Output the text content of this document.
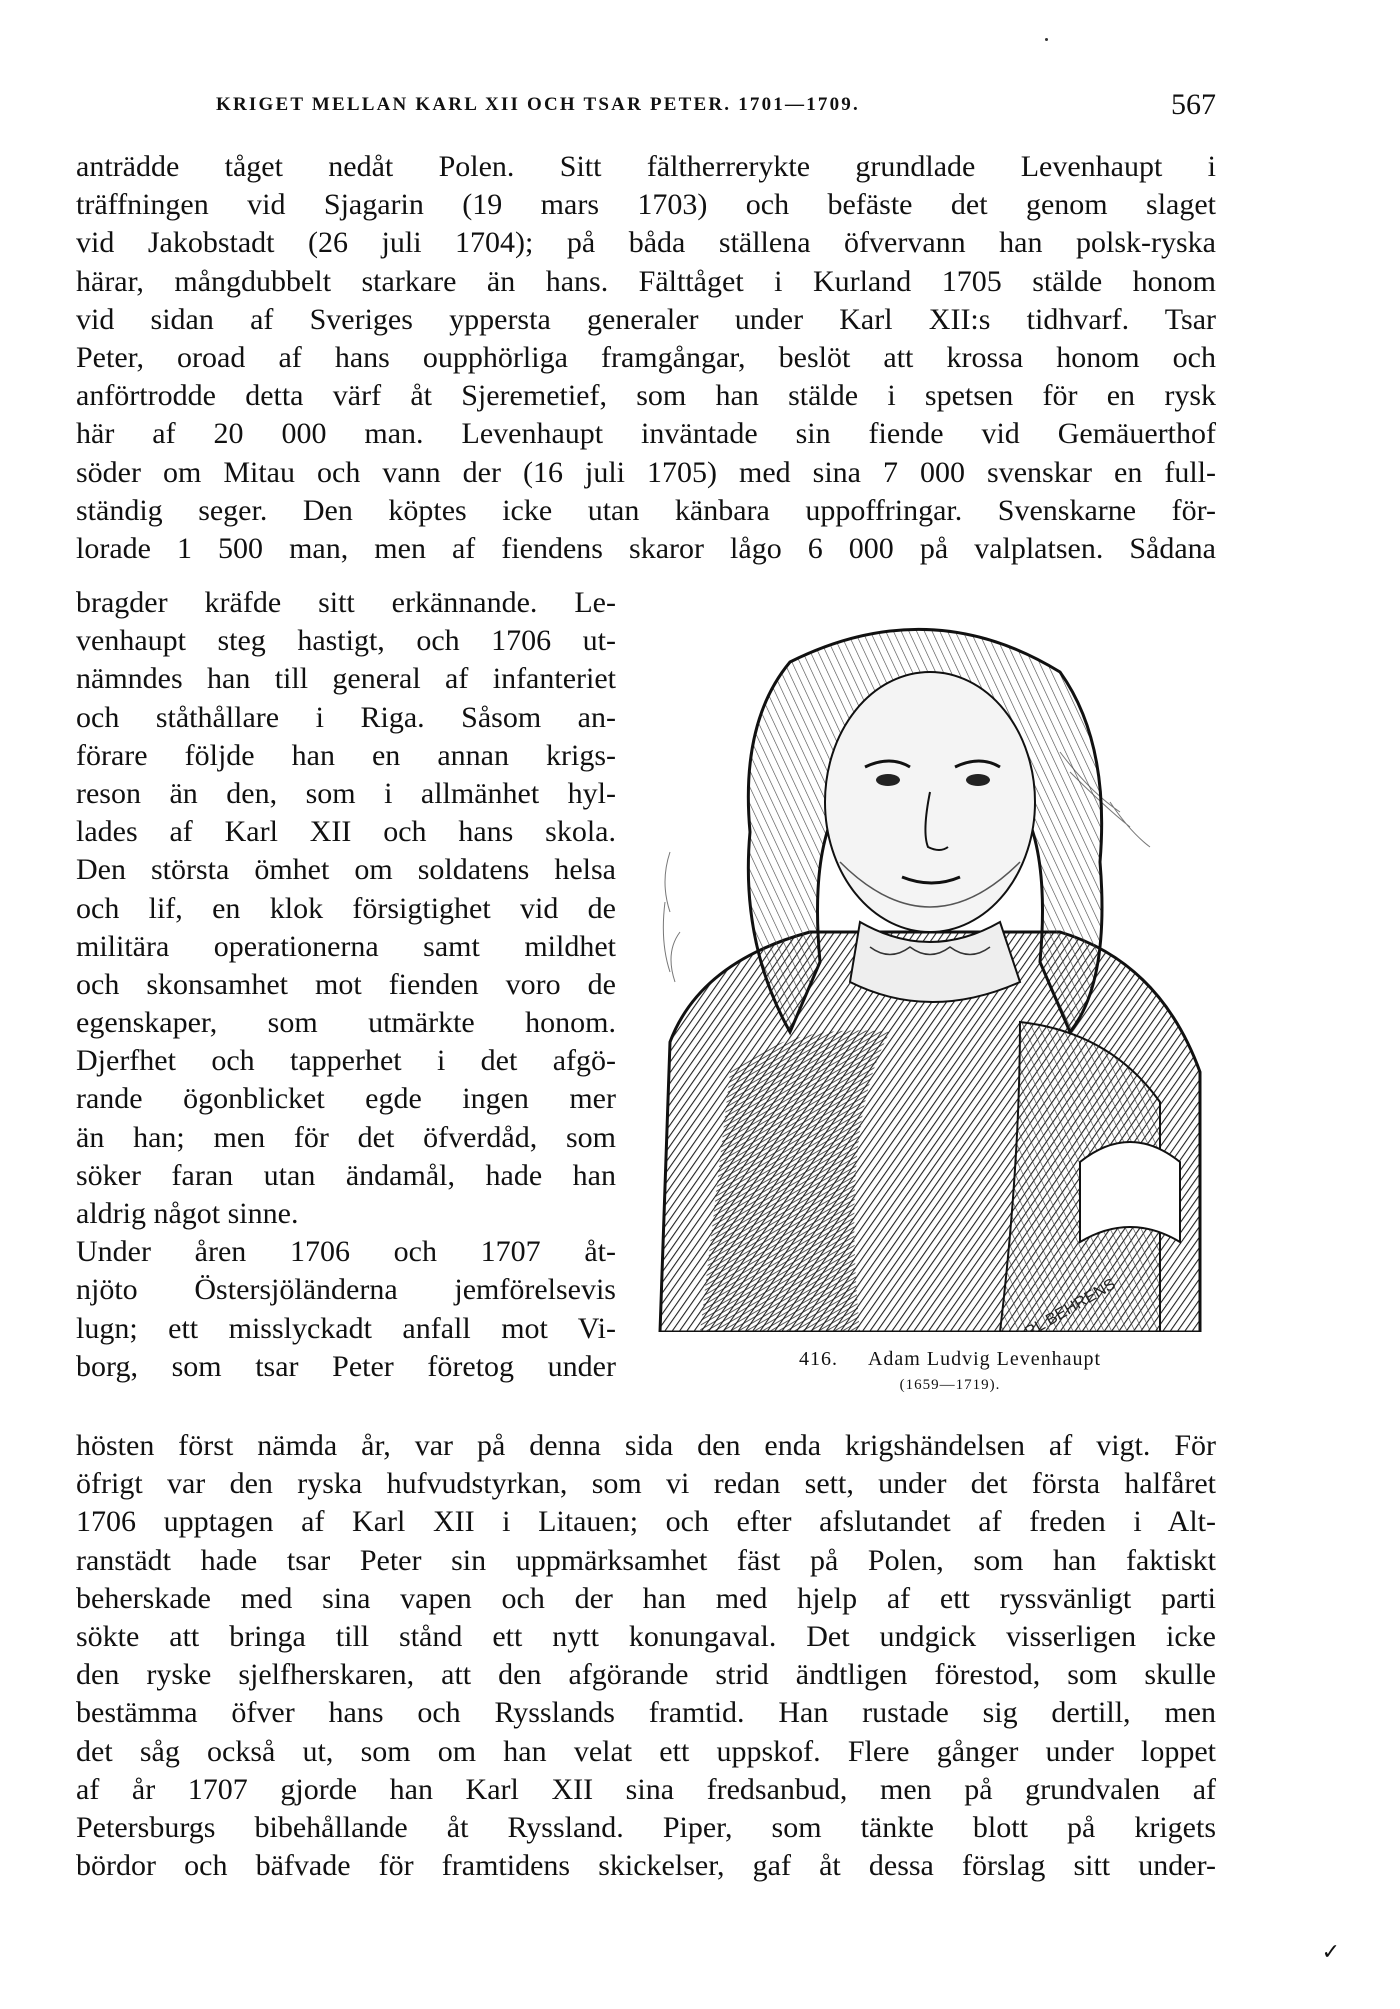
KRIGET MELLAN KARL XII OCH TSAR PETER. 1701—1709.	567
anträdde tåget nedåt Polen. Sitt fältherrerykte grundlade Levenhaupt i
träffningen vid Sjagarin (19 mars 1703) och befäste det genom slaget
vid Jakobstadt (26 juli 1704); på båda ställena öfvervann han polsk-ryska
härar, mångdubbelt starkare än hans. Fälttåget i Kurland 1705 stälde honom
vid sidan af Sveriges yppersta generaler under Karl XII:s tidhvarf. Tsar
Peter, oroad af hans oupphörliga framgångar, beslöt att krossa honom och
anförtrodde detta värf åt Sjeremetief, som han stälde i spetsen för en rysk
här af 20 000 man. Levenhaupt inväntade sin fiende vid Gemäuerthof
söder om Mitau och vann der (16 juli 1705) med sina 7 000 svenskar en full-
ständig seger. Den köptes icke utan känbara uppoffringar. Svenskarne för-
lorade 1 500 man, men af fiendens skaror lågo 6 000 på valplatsen. Sådana
bragder kräfde sitt erkännande. Le-
venhaupt steg hastigt, och 1706 ut-
nämndes han till general af infanteriet
och ståthållare i Riga. Såsom an-
förare följde han en annan krigs-
reson än den, som i allmänhet hyl-
lades af Karl XII och hans skola.
Den största ömhet om soldatens helsa
och lif, en klok försigtighet vid de
militära operationerna samt mildhet
och skonsamhet mot fienden voro de
egenskaper, som utmärkte honom.
Djerfhet och tapperhet i det afgö-
rande ögonblicket egde ingen mer
än han; men för det öfverdåd, som
söker faran utan ändamål, hade han
aldrig något sinne.
Under åren 1706 och 1707 åt-
njöto Östersjöländerna jemförelsevis
lugn; ett misslyckadt anfall mot Vi-
borg, som tsar Peter företog under
CARL BEHRENS
416. Adam Ludvig Levenhaupt
(1659—1719).
hösten först nämda år, var på denna sida den enda krigshändelsen af vigt. För
öfrigt var den ryska hufvudstyrkan, som vi redan sett, under det första halfåret
1706 upptagen af Karl XII i Litauen; och efter afslutandet af freden i Alt-
ranstädt hade tsar Peter sin uppmärksamhet fäst på Polen, som han faktiskt
beherskade med sina vapen och der han med hjelp af ett ryssvänligt parti
sökte att bringa till stånd ett nytt konungaval. Det undgick visserligen icke
den ryske sjelfherskaren, att den afgörande strid ändtligen förestod, som skulle
bestämma öfver hans och Rysslands framtid. Han rustade sig dertill, men
det såg också ut, som om han velat ett uppskof. Flere gånger under loppet
af år 1707 gjorde han Karl XII sina fredsanbud, men på grundvalen af
Petersburgs bibehållande åt Ryssland. Piper, som tänkte blott på krigets
bördor och bäfvade för framtidens skickelser, gaf åt dessa förslag sitt under-
✓
